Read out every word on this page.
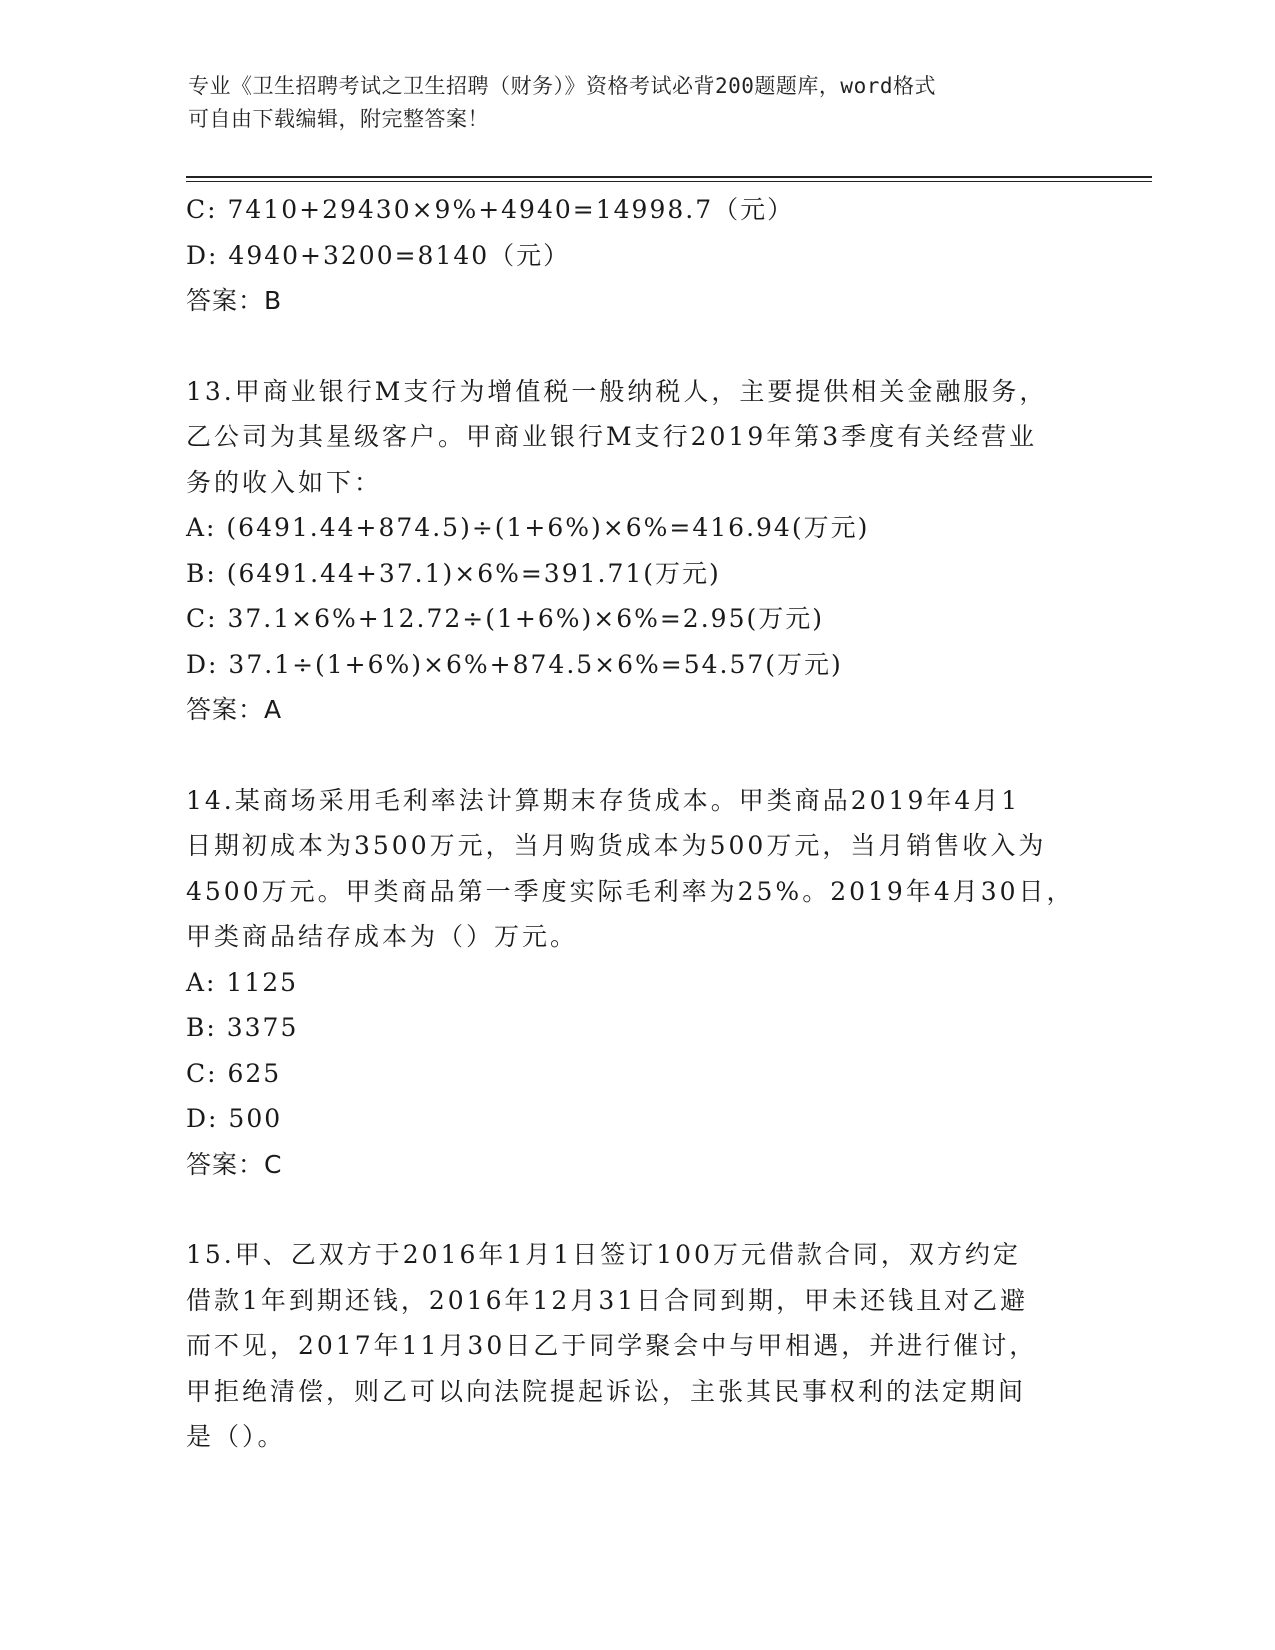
专业《卫生招聘考试之卫生招聘（财务）》资格考试必背200题题库，word格式
可自由下载编辑，附完整答案！
C: 7410+29430×9%+4940=14998.7（元）
D: 4940+3200=8140（元）
答案：B
13.甲商业银行M支行为增值税一般纳税人，主要提供相关金融服务，
乙公司为其星级客户。甲商业银行M支行2019年第3季度有关经营业
务的收入如下：
A: (6491.44+874.5)÷(1+6%)×6%=416.94(万元)
B: (6491.44+37.1)×6%=391.71(万元)
C: 37.1×6%+12.72÷(1+6%)×6%=2.95(万元)
D: 37.1÷(1+6%)×6%+874.5×6%=54.57(万元)
答案：A
14.某商场采用毛利率法计算期末存货成本。甲类商品2019年4月1
日期初成本为3500万元，当月购货成本为500万元，当月销售收入为
4500万元。甲类商品第一季度实际毛利率为25%。2019年4月30日，
甲类商品结存成本为（）万元。
A: 1125
B: 3375
C: 625
D: 500
答案：C
15.甲、乙双方于2016年1月1日签订100万元借款合同，双方约定
借款1年到期还钱，2016年12月31日合同到期，甲未还钱且对乙避
而不见，2017年11月30日乙于同学聚会中与甲相遇，并进行催讨，
甲拒绝清偿，则乙可以向法院提起诉讼，主张其民事权利的法定期间
是（）。
